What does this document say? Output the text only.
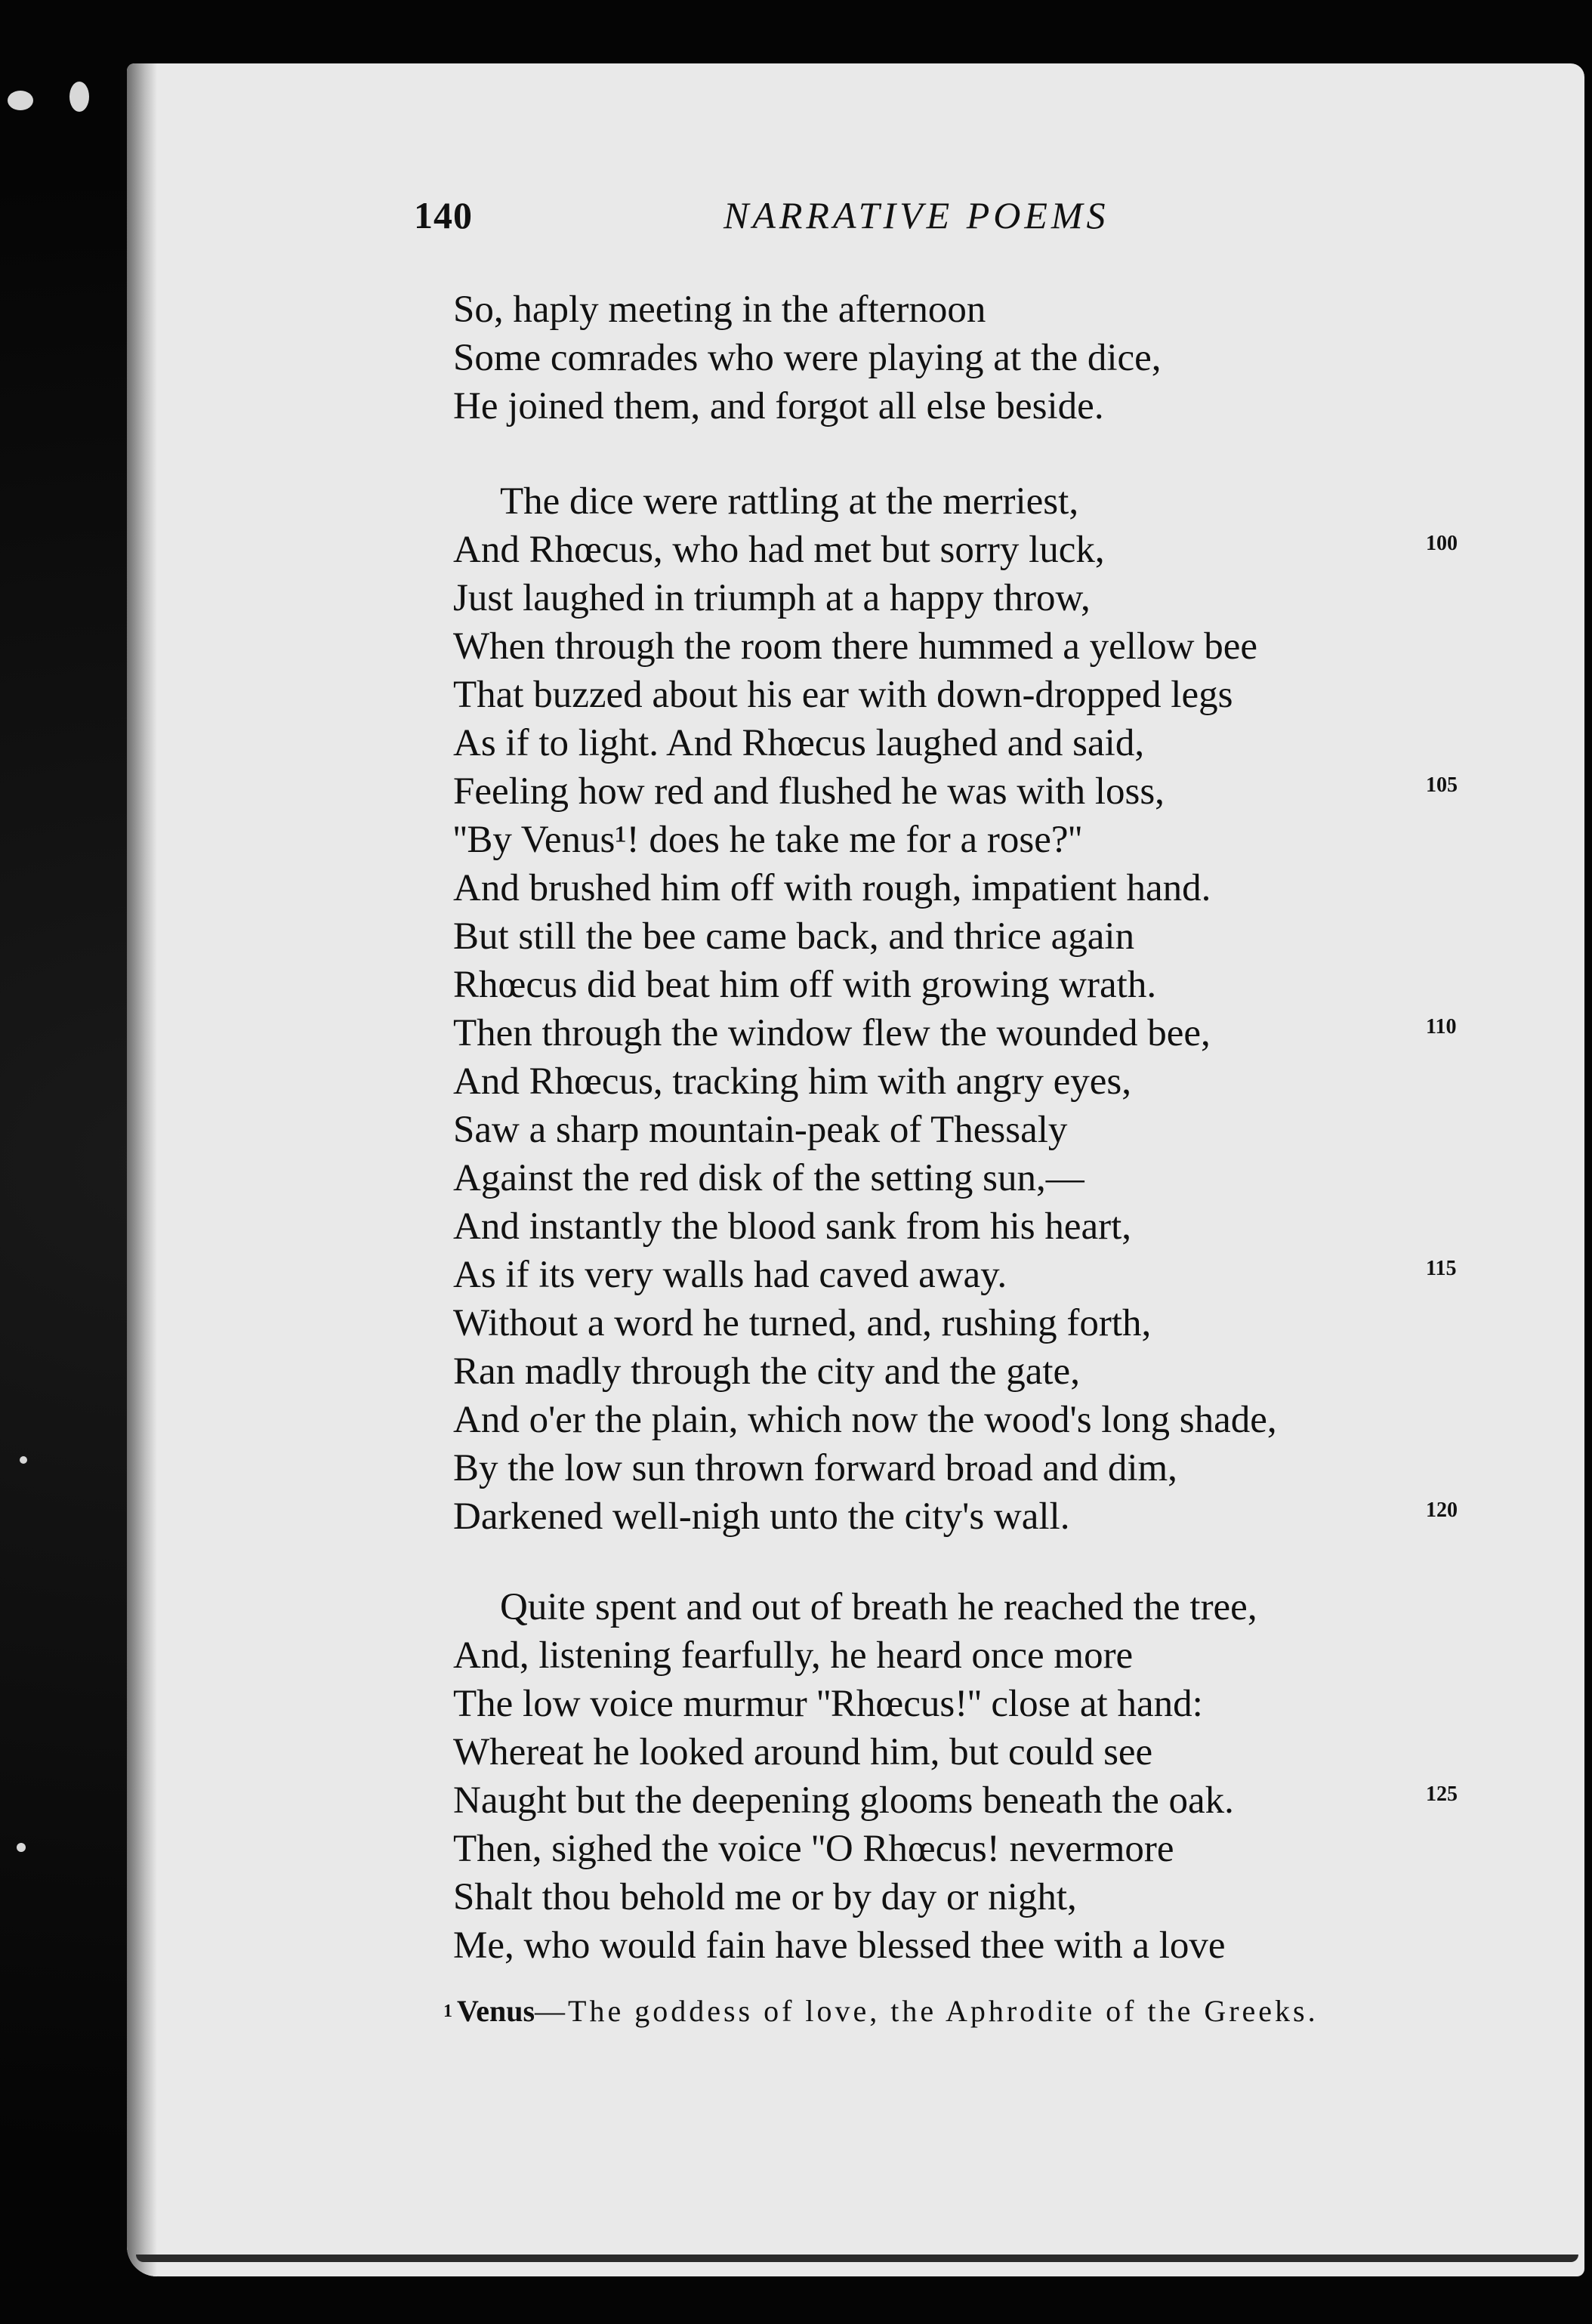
140	NARRATIVE POEMS
So, haply meeting in the afternoon
Some comrades who were playing at the dice,
He joined them, and forgot all else beside.
The dice were rattling at the merriest,
And Rhœcus, who had met but sorry luck,	100
Just laughed in triumph at a happy throw,
When through the room there hummed a yellow bee
That buzzed about his ear with down-dropped legs
As if to light. And Rhœcus laughed and said,
Feeling how red and flushed he was with loss,	105
''By Venus¹! does he take me for a rose?''
And brushed him off with rough, impatient hand.
But still the bee came back, and thrice again
Rhœcus did beat him off with growing wrath.
Then through the window flew the wounded bee,	110
And Rhœcus, tracking him with angry eyes,
Saw a sharp mountain-peak of Thessaly
Against the red disk of the setting sun,—
And instantly the blood sank from his heart,
As if its very walls had caved away.	115
Without a word he turned, and, rushing forth,
Ran madly through the city and the gate,
And o'er the plain, which now the wood's long shade,
By the low sun thrown forward broad and dim,
Darkened well-nigh unto the city's wall.	120
Quite spent and out of breath he reached the tree,
And, listening fearfully, he heard once more
The low voice murmur ''Rhœcus!'' close at hand:
Whereat he looked around him, but could see
Naught but the deepening glooms beneath the oak.	125
Then, sighed the voice ''O Rhœcus! nevermore
Shalt thou behold me or by day or night,
Me, who would fain have blessed thee with a love
$^1$ Venus—The goddess of love, the Aphrodite of the Greeks.
